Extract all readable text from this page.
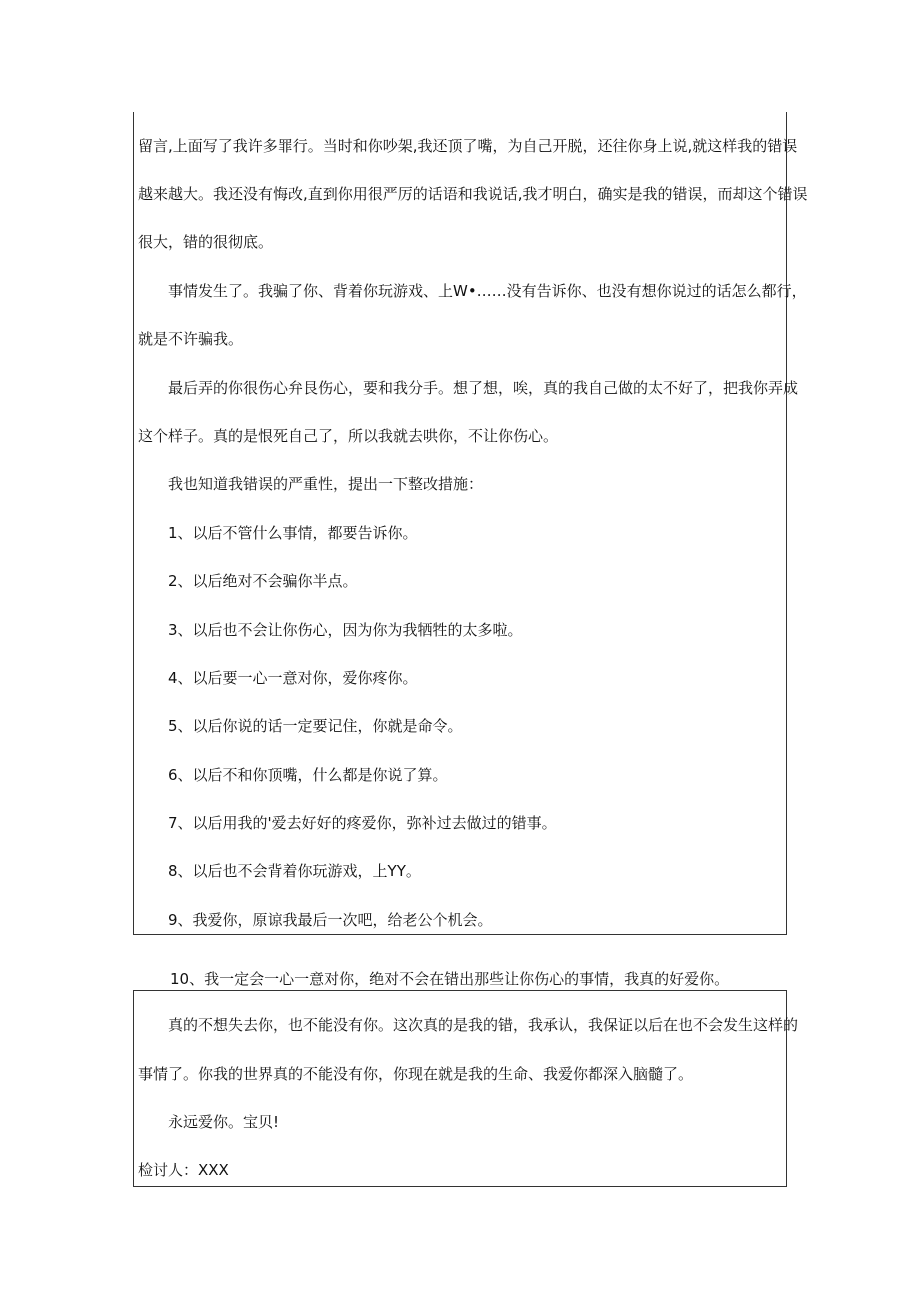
留言,上面写了我许多罪行。当时和你吵架,我还顶了嘴，为自己开脱，还往你身上说,就这样我的错误
越来越大。我还没有悔改,直到你用很严厉的话语和我说话,我才明白，确实是我的错误，而却这个错误
很大，错的很彻底。
事情发生了。我骗了你、背着你玩游戏、上W•……没有告诉你、也没有想你说过的话怎么都行，
就是不许骗我。
最后弄的你很伤心弁艮伤心，要和我分手。想了想，唉，真的我自己做的太不好了，把我你弄成
这个样子。真的是恨死自己了，所以我就去哄你，不让你伤心。
我也知道我错误的严重性，提出一下整改措施：
1、以后不管什么事情，都要告诉你。
2、以后绝对不会骗你半点。
3、以后也不会让你伤心，因为你为我牺牲的太多啦。
4、以后要一心一意对你，爱你疼你。
5、以后你说的话一定要记住，你就是命令。
6、以后不和你顶嘴，什么都是你说了算。
7、以后用我的'爱去好好的疼爱你，弥补过去做过的错事。
8、以后也不会背着你玩游戏，上YY。
9、我爱你，原谅我最后一次吧，给老公个机会。
10、我一定会一心一意对你，绝对不会在错出那些让你伤心的事情，我真的好爱你。
真的不想失去你，也不能没有你。这次真的是我的错，我承认，我保证以后在也不会发生这样的
事情了。你我的世界真的不能没有你，你现在就是我的生命、我爱你都深入脑髓了。
永远爱你。宝贝!
检讨人：XXX
